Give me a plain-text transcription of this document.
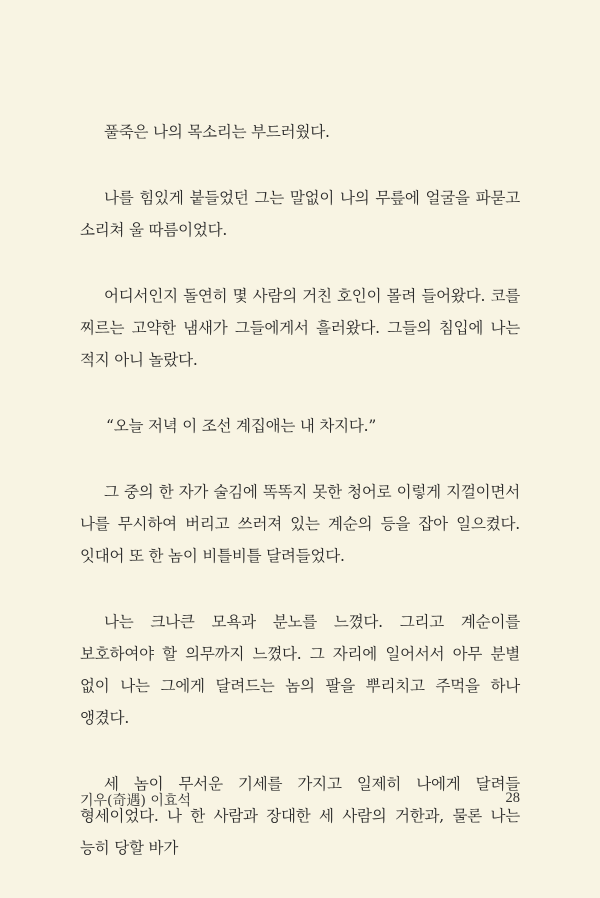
풀죽은 나의 목소리는 부드러웠다.

나를 힘있게 붙들었던 그는 말없이 나의 무릎에 얼굴을 파묻고 소리쳐 울 따름이었다.

어디서인지 돌연히 몇 사람의 거친 호인이 몰려 들어왔다. 코를 찌르는 고약한 냄새가 그들에게서 흘러왔다. 그들의 침입에 나는 적지 아니 놀랐다.

“오늘 저녁 이 조선 계집애는 내 차지다.”

그 중의 한 자가 술김에 똑똑지 못한 청어로 이렇게 지껄이면서 나를 무시하여 버리고 쓰러져 있는 계순의 등을 잡아 일으켰다. 잇대어 또 한 놈이 비틀비틀 달려들었다.

나는 크나큰 모욕과 분노를 느꼈다. 그리고 계순이를 보호하여야 할 의무까지 느꼈다. 그 자리에 일어서서 아무 분별 없이 나는 그에게 달려드는 놈의 팔을 뿌리치고 주먹을 하나 앵겼다.

세 놈이 무서운 기세를 가지고 일제히 나에게 달려들 형세이었다. 나 한 사람과 장대한 세 사람의 거한과, 물론 나는 능히 당할 바가

기우(奇遇) 이효석	28
